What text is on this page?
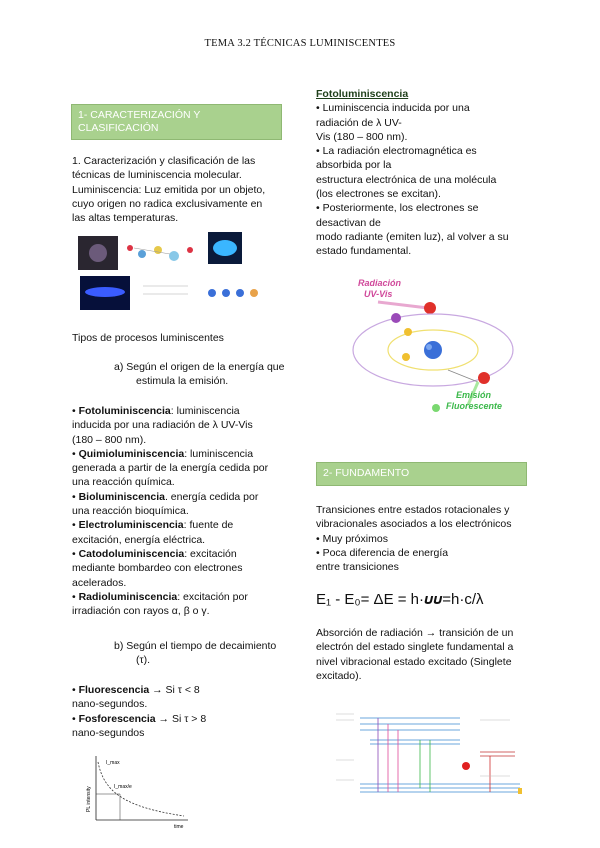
TEMA 3.2 TÉCNICAS LUMINISCENTES
1- CARACTERIZACIÓN Y CLASIFICACIÓN

1. Caracterización y clasificación de las

técnicas de luminiscencia molecular.

Luminiscencia: Luz emitida por un objeto,

cuyo origen no radica exclusivamente en

las altas temperaturas.

Tipos de procesos luminiscentes

a) Según el origen de la energía que

estimula la emisión.

• Fotoluminiscencia: luminiscencia

inducida por una radiación de λ UV-Vis

(180 – 800 nm).

• Quimioluminiscencia: luminiscencia

generada a partir de la energía cedida por

una reacción química.

• Bioluminiscencia. energía cedida por

una reacción bioquímica.

• Electroluminiscencia: fuente de

excitación, energía eléctrica.

• Catodoluminiscencia: excitación

mediante bombardeo con electrones

acelerados.

• Radioluminiscencia: excitación por

irradiación con rayos α, β o γ.

b) Según el tiempo de decaimiento

(τ).

• Fluorescencia → Si τ < 8

nano-segundos.

• Fosforescencia → Si τ > 8

nano-segundos

PL intensity
time
I_max
I_max/e

Fotoluminiscencia

• Luminiscencia inducida por una

radiación de λ UV-

Vis (180 – 800 nm).

• La radiación electromagnética es

absorbida por la

estructura electrónica de una molécula

(los electrones se excitan).

• Posteriormente, los electrones se

desactivan de

modo radiante (emiten luz), al volver a su

estado fundamental.

Radiación
UV-Vis
Emisión
Fluorescente
2- FUNDAMENTO

Transiciones entre estados rotacionales y

vibracionales asociados a los electrónicos

• Muy próximos

• Poca diferencia de energía

entre transiciones

E₁ - E₀= ΔE = h·𝝊𝝊=h·c/λ

Absorción de radiación → transición de un

electrón del estado singlete fundamental a

nivel vibracional estado excitado (Singlete

excitado).
